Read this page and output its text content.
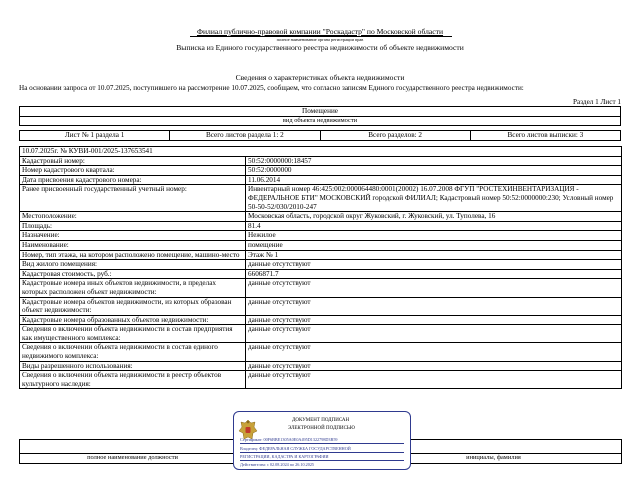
Филиал публично-правовой компании "Роскадастр" по Московской области
полное наименование органа регистрации прав
Выписка из Единого государственного реестра недвижимости об объекте недвижимости
Сведения о характеристиках объекта недвижимости
На основании запроса от 10.07.2025, поступившего на рассмотрение 10.07.2025, сообщаем, что согласно записям Единого государственного реестра недвижимости:
Раздел 1 Лист 1
Помещение
вид объекта недвижимости
Лист № 1 раздела 1	Всего листов раздела 1: 2	Всего разделов: 2	Всего листов выписки: 3
10.07.2025г. № КУВИ-001/2025-137653541	
Кадастровый номер:	50:52:0000000:18457
Номер кадастрового квартала:	50:52:0000000
Дата присвоения кадастрового номера:	11.06.2014
Ранее присвоенный государственный учетный номер:	Инвентарный номер 46:425:002:000064480:0001(20002) 16.07.2008 ФГУП "РОСТЕХИНВЕНТАРИЗАЦИЯ - ФЕДЕРАЛЬНОЕ БТИ" МОСКОВСКИЙ городской ФИЛИАЛ; Кадастровый номер 50:52:0000000:230; Условный номер 50-50-52/030/2010-247
Местоположение:	Московская область, городской округ Жуковский, г. Жуковский, ул. Туполева, 16
Площадь:	81.4
Назначение:	Нежилое
Наименование:	помещение
Номер, тип этажа, на котором расположено помещение, машино-место	Этаж № 1
Вид жилого помещения:	данные отсутствуют
Кадастровая стоимость, руб.:	6606871.7
Кадастровые номера иных объектов недвижимости, в пределах которых расположен объект недвижимости:	данные отсутствуют
Кадастровые номера объектов недвижимости, из которых образован объект недвижимости:	данные отсутствуют
Кадастровые номера образованных объектов недвижимости:	данные отсутствуют
Сведения о включении объекта недвижимости в состав предприятия как имущественного комплекса:	данные отсутствуют
Сведения о включении объекта недвижимости в состав единого недвижимого комплекса:	данные отсутствуют
Виды разрешенного использования:	данные отсутствуют
Сведения о включении объекта недвижимости в реестр объектов культурного наследия:	данные отсутствуют

полное наименование должности		инициалы, фамилия
ДОКУМЕНТ ПОДПИСАН
ЭЛЕКТРОННОЙ ПОДПИСЬЮ
Сертификат: 00F6BBE1305A0E0A495D1322798D3B59
Владелец: ФЕДЕРАЛЬНАЯ СЛУЖБА ГОСУДАРСТВЕННОЙ
РЕГИСТРАЦИИ, КАДАСТРА И КАРТОГРАФИИ
Действителен: с 02.08.2024 по 26.10.2025
